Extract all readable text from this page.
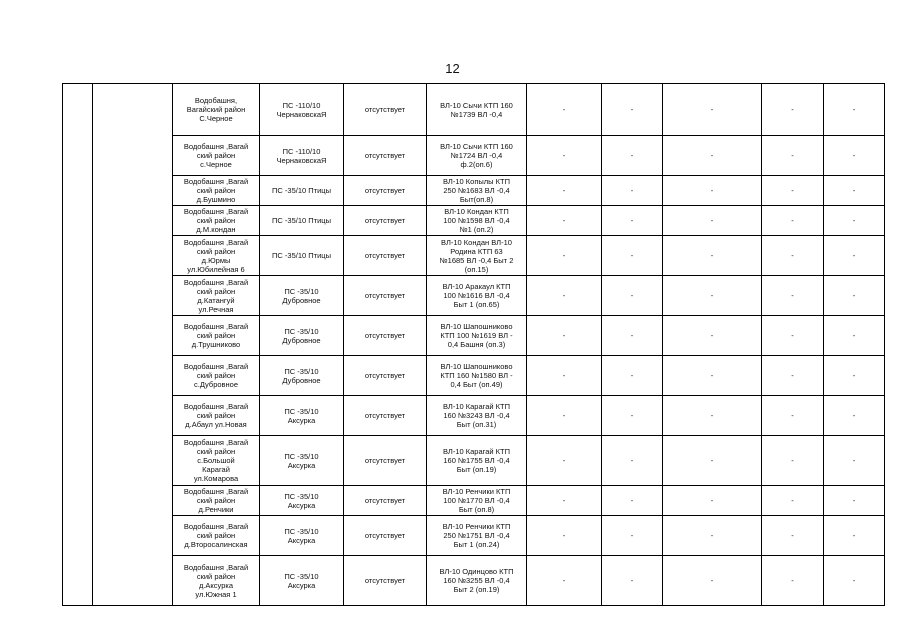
12
		Водобашня,
Вагайский район
С.Черное	ПС -110/10
ЧернаковскаЯ	отсутствует	ВЛ-10 Сычи КТП 160
№1739 ВЛ -0,4	-	-	-	-	-
		Водобашня ,Вагай
ский район
с.Черное	ПС -110/10
ЧернаковскаЯ	отсутствует	ВЛ-10 Сычи КТП 160
№1724 ВЛ -0,4
ф.2(оп.6)	-	-	-	-	-
		Водобашня ,Вагай
ский район
д.Бушмино	ПС -35/10 Птицы	отсутствует	ВЛ-10 Копылы КТП
250 №1683 ВЛ -0,4
Быт(оп.8)	-	-	-	-	-
		Водобашня ,Вагай
ский район
д.М.кондан	ПС -35/10 Птицы	отсутствует	ВЛ-10 Кондан КТП
100 №1598 ВЛ -0,4
№1 (оп.2)	-	-	-	-	-
		Водобашня ,Вагай
ский район
д.Юрмы
ул.Юбилейная 6	ПС -35/10 Птицы	отсутствует	ВЛ-10 Кондан ВЛ-10
Родина КТП 63
№1685 ВЛ -0,4 Быт 2
(оп.15)	-	-	-	-	-
		Водобашня ,Вагай
ский район
д.Катангуй
ул.Речная	ПС -35/10
Дубровное	отсутствует	ВЛ-10 Аракаул КТП
100 №1616 ВЛ -0,4
Быт 1 (оп.65)	-	-	-	-	-
		Водобашня ,Вагай
ский район
д.Трушниково	ПС -35/10
Дубровное	отсутствует	ВЛ-10 Шапошниково
КТП 100 №1619 ВЛ -
0,4 Башня (оп.3)	-	-	-	-	-
		Водобашня ,Вагай
ский район
с.Дубровное	ПС -35/10
Дубровное	отсутствует	ВЛ-10 Шапошниково
КТП 160 №1580 ВЛ -
0,4 Быт (оп.49)	-	-	-	-	-
		Водобашня ,Вагай
ский район
д.Абаул ул.Новая	ПС -35/10
Аксурка	отсутствует	ВЛ-10 Карагай КТП
160 №3243 ВЛ -0,4
Быт (оп.31)	-	-	-	-	-
		Водобашня ,Вагай
ский район
с.Большой
Карагай
ул.Комарова	ПС -35/10
Аксурка	отсутствует	ВЛ-10 Карагай КТП
160 №1755 ВЛ -0,4
Быт (оп.19)	-	-	-	-	-
		Водобашня ,Вагай
ский район
д.Ренчики	ПС -35/10
Аксурка	отсутствует	ВЛ-10 Ренчики КТП
100 №1770 ВЛ -0,4
Быт (оп.8)	-	-	-	-	-
		Водобашня ,Вагай
ский район
д.Второсалинская	ПС -35/10
Аксурка	отсутствует	ВЛ-10 Ренчики КТП
250 №1751 ВЛ -0,4
Быт 1 (оп.24)	-	-	-	-	-
		Водобашня ,Вагай
ский район
д.Аксурка
ул.Южная 1	ПС -35/10
Аксурка	отсутствует	ВЛ-10 Одинцово КТП
160 №3255 ВЛ -0,4
Быт 2 (оп.19)	-	-	-	-	-
